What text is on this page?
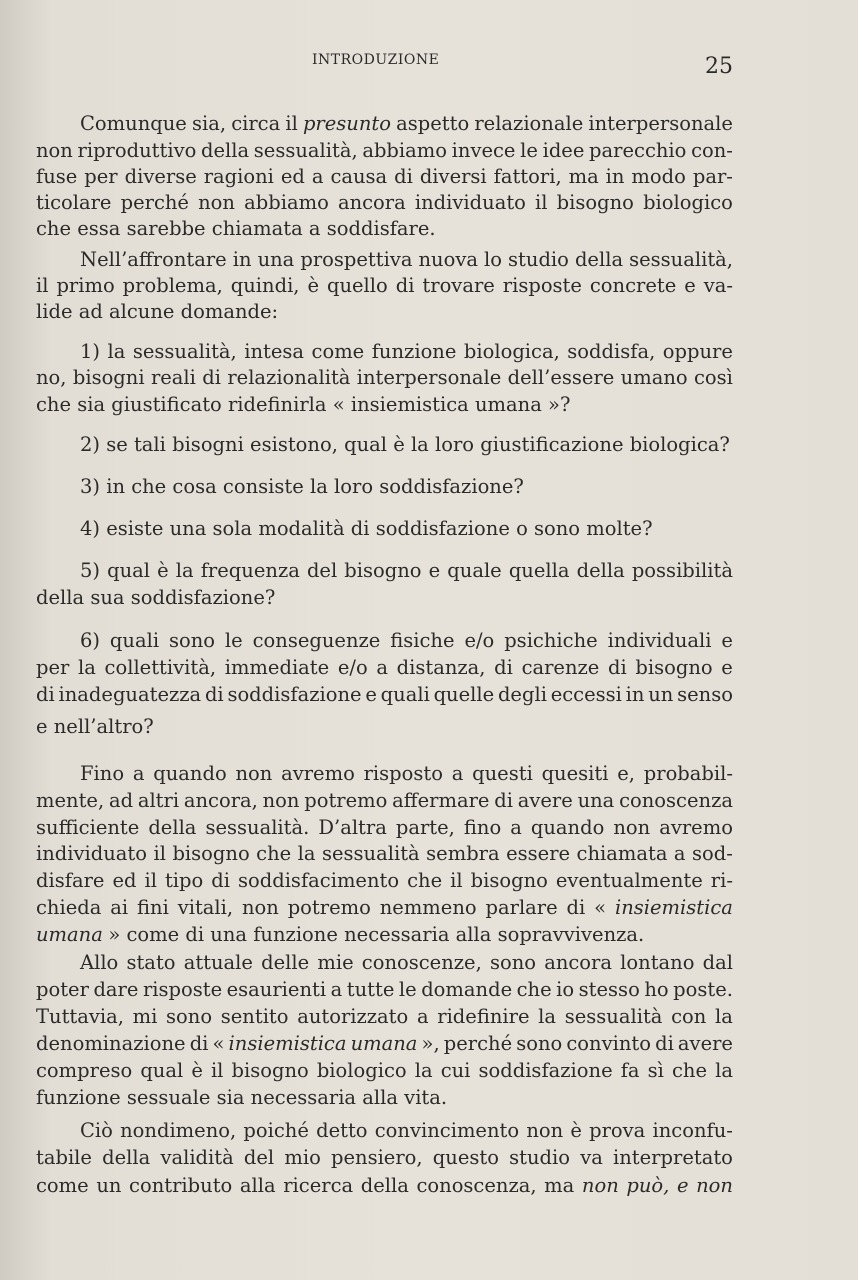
INTRODUZIONE	25
Comunque sia, circa il presunto aspetto relazionale interpersonale
non riproduttivo della sessualità, abbiamo invece le idee parecchio con-
fuse per diverse ragioni ed a causa di diversi fattori, ma in modo par-
ticolare perché non abbiamo ancora individuato il bisogno biologico
che essa sarebbe chiamata a soddisfare.
Nell’affrontare in una prospettiva nuova lo studio della sessualità,
il primo problema, quindi, è quello di trovare risposte concrete e va-
lide ad alcune domande:
1) la sessualità, intesa come funzione biologica, soddisfa, oppure
no, bisogni reali di relazionalità interpersonale dell’essere umano così
che sia giustificato ridefinirla « insiemistica umana »?
2) se tali bisogni esistono, qual è la loro giustificazione biologica?
3) in che cosa consiste la loro soddisfazione?
4) esiste una sola modalità di soddisfazione o sono molte?
5) qual è la frequenza del bisogno e quale quella della possibilità
della sua soddisfazione?
6) quali sono le conseguenze fisiche e/o psichiche individuali e
per la collettività, immediate e/o a distanza, di carenze di bisogno e
di inadeguatezza di soddisfazione e quali quelle degli eccessi in un senso
e nell’altro?
Fino a quando non avremo risposto a questi quesiti e, probabil-
mente, ad altri ancora, non potremo affermare di avere una conoscenza
sufficiente della sessualità. D’altra parte, fino a quando non avremo
individuato il bisogno che la sessualità sembra essere chiamata a sod-
disfare ed il tipo di soddisfacimento che il bisogno eventualmente ri-
chieda ai fini vitali, non potremo nemmeno parlare di « insiemistica
umana » come di una funzione necessaria alla sopravvivenza.
Allo stato attuale delle mie conoscenze, sono ancora lontano dal
poter dare risposte esaurienti a tutte le domande che io stesso ho poste.
Tuttavia, mi sono sentito autorizzato a ridefinire la sessualità con la
denominazione di « insiemistica umana », perché sono convinto di avere
compreso qual è il bisogno biologico la cui soddisfazione fa sì che la
funzione sessuale sia necessaria alla vita.
Ciò nondimeno, poiché detto convincimento non è prova inconfu-
tabile della validità del mio pensiero, questo studio va interpretato
come un contributo alla ricerca della conoscenza, ma non può, e non
